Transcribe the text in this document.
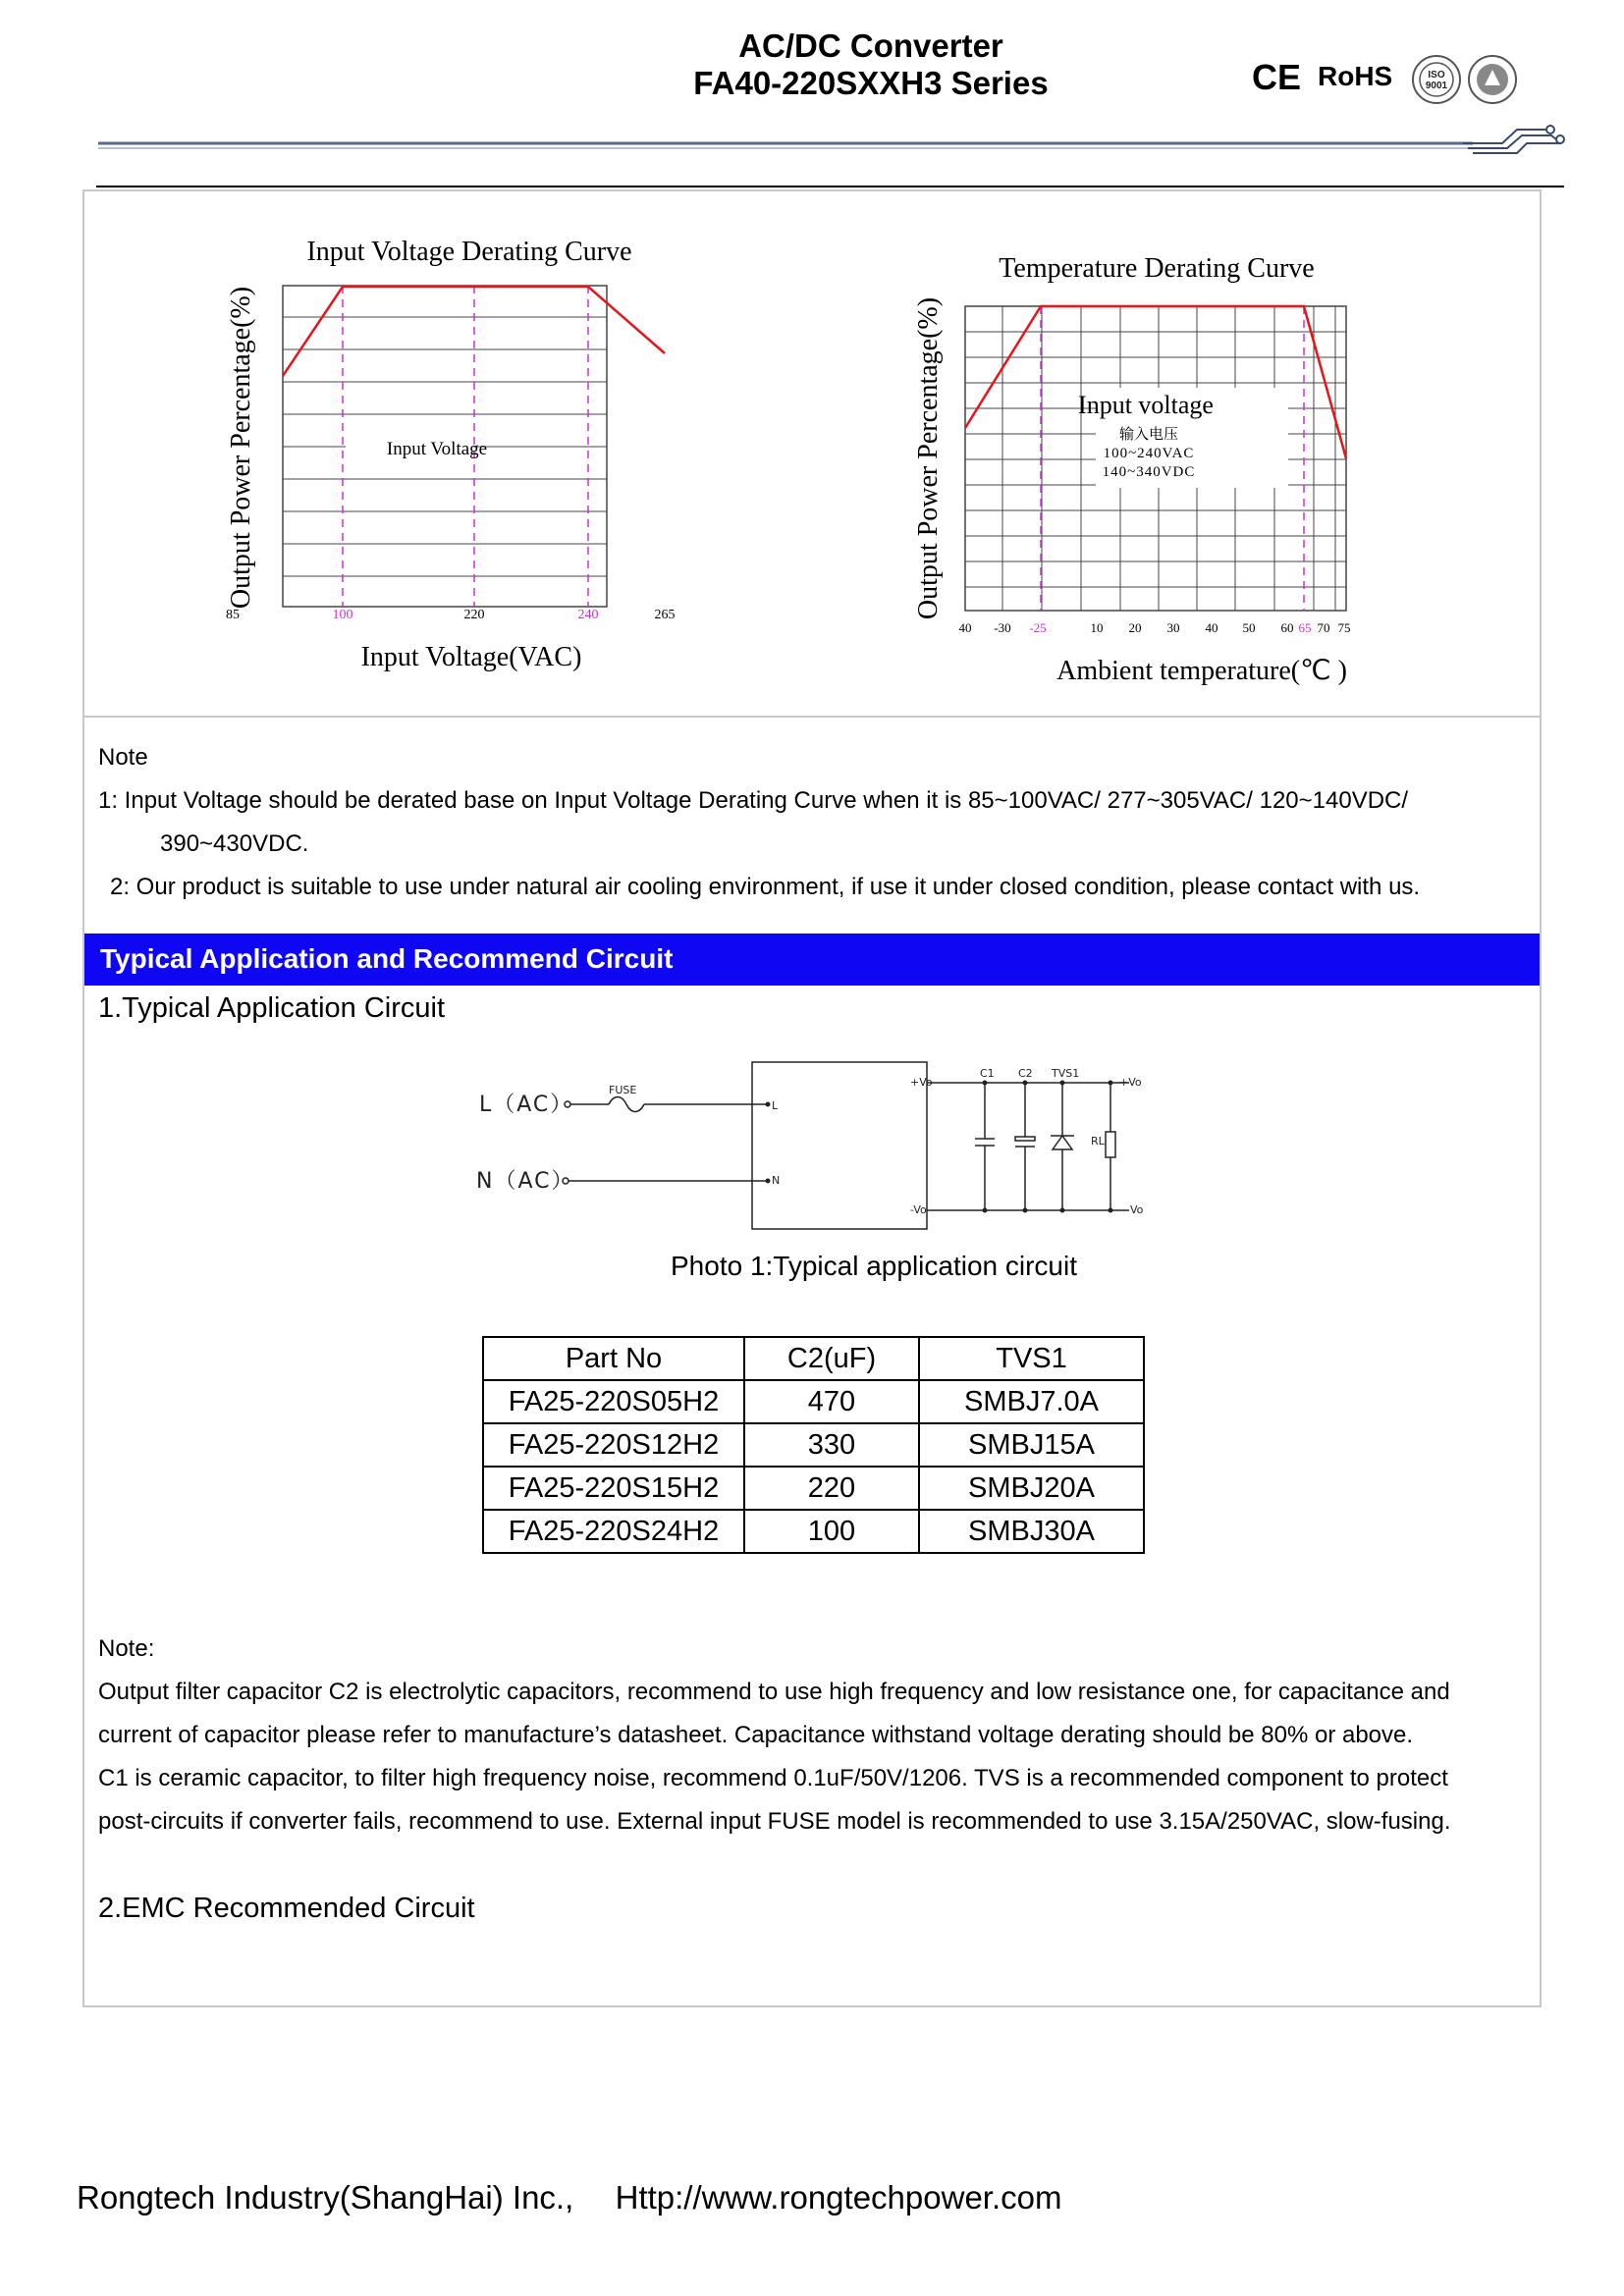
AC/DC Converter
FA40-220SXXH3 Series	CE RoHS	ISO
9001
Input Voltage Derating Curve
Input Voltage
85	100	220	240	265
Input Voltage(VAC)
Output Power Percentage(%)
Temperature Derating Curve
Input voltage
输入电压
100~240VAC
140~340VDC
40 -30 -25	10 20 30 40 50 60 65 70 75
Ambient temperature(℃ )
Output Power Percentage(%)
Note
1: Input Voltage should be derated base on Input Voltage Derating Curve when it is 85~100VAC/ 277~305VAC/ 120~140VDC/
390~430VDC.
2: Our product is suitable to use under natural air cooling environment, if use it under closed condition, please contact with us.
Typical Application and Recommend Circuit
1.Typical Application Circuit
L（AC）
N（AC）
FUSE
L
N
+Vo
-Vo
C1 C2 TVS1
RL
+Vo
Vo
Photo 1:Typical application circuit
Part No	C2(uF)	TVS1
FA25-220S05H2	470	SMBJ7.0A
FA25-220S12H2	330	SMBJ15A
FA25-220S15H2	220	SMBJ20A
FA25-220S24H2	100	SMBJ30A
Note:
Output filter capacitor C2 is electrolytic capacitors, recommend to use high frequency and low resistance one, for capacitance and
current of capacitor please refer to manufacture’s datasheet. Capacitance withstand voltage derating should be 80% or above.
C1 is ceramic capacitor, to filter high frequency noise, recommend 0.1uF/50V/1206. TVS is a recommended component to protect
post-circuits if converter fails, recommend to use. External input FUSE model is recommended to use 3.15A/250VAC, slow-fusing.
2.EMC Recommended Circuit
Rongtech Industry(ShangHai) Inc., Http://www.rongtechpower.com
